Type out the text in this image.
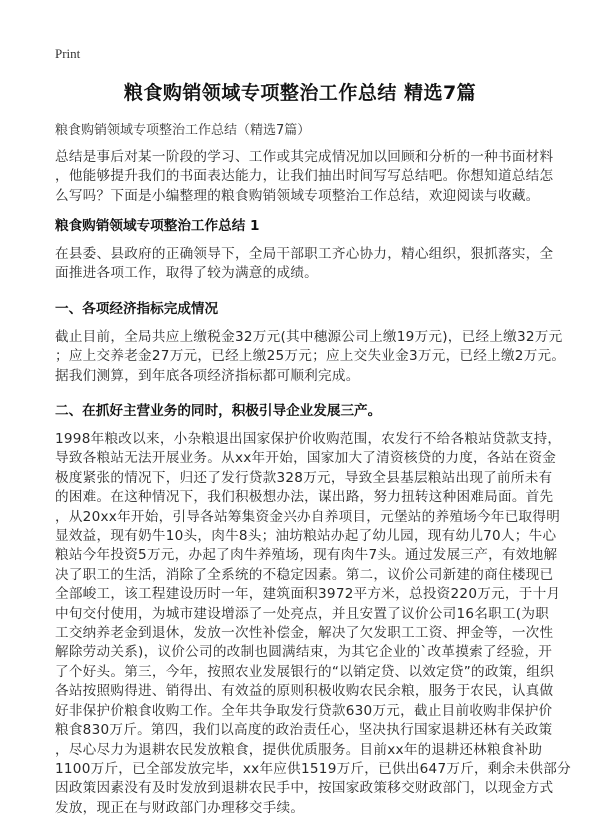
Print
粮食购销领域专项整治工作总结 精选7篇
粮食购销领域专项整治工作总结（精选7篇）
总结是事后对某一阶段的学习、工作或其完成情况加以回顾和分析的一种书面材料
，他能够提升我们的书面表达能力，让我们抽出时间写写总结吧。你想知道总结怎
么写吗？下面是小编整理的粮食购销领域专项整治工作总结，欢迎阅读与收藏。
粮食购销领域专项整治工作总结 1
在县委、县政府的正确领导下，全局干部职工齐心协力，精心组织，狠抓落实，全
面推进各项工作，取得了较为满意的成绩。
一、各项经济指标完成情况
截止目前，全局共应上缴税金32万元(其中穗源公司上缴19万元)，已经上缴32万元
；应上交养老金27万元，已经上缴25万元；应上交失业金3万元，已经上缴2万元。
据我们测算，到年底各项经济指标都可顺利完成。
二、在抓好主营业务的同时，积极引导企业发展三产。
1998年粮改以来，小杂粮退出国家保护价收购范围，农发行不给各粮站贷款支持，
导致各粮站无法开展业务。从xx年开始，国家加大了清资核贷的力度，各站在资金
极度紧张的情况下，归还了发行贷款328万元，导致全县基层粮站出现了前所未有
的困难。在这种情况下，我们积极想办法，谋出路，努力扭转这种困难局面。首先
，从20xx年开始，引导各站筹集资金兴办自养项目，元堡站的养殖场今年已取得明
显效益，现有奶牛10头，肉牛8头；油坊粮站办起了幼儿园，现有幼儿70人；牛心
粮站今年投资5万元，办起了肉牛养殖场，现有肉牛7头。通过发展三产，有效地解
决了职工的生活，消除了全系统的不稳定因素。第二，议价公司新建的商住楼现已
全部峻工，该工程建设历时一年，建筑面积3972平方米，总投资220万元，于十月
中旬交付使用，为城市建设增添了一处亮点，并且安置了议价公司16名职工(为职
工交纳养老金到退休，发放一次性补偿金，解决了欠发职工工资、押金等，一次性
解除劳动关系)，议价公司的改制也圆满结束，为其它企业的`改革摸索了经验，开
了个好头。第三，今年，按照农业发展银行的“以销定贷、以效定贷”的政策，组织
各站按照购得进、销得出、有效益的原则积极收购农民余粮，服务于农民，认真做
好非保护价粮食收购工作。全年共争取发行贷款630万元，截止目前收购非保护价
粮食830万斤。第四，我们以高度的政治责任心，坚决执行国家退耕还林有关政策
，尽心尽力为退耕农民发放粮食，提供优质服务。目前xx年的退耕还林粮食补助
1100万斤，已全部发放完毕，xx年应供1519万斤，已供出647万斤，剩余未供部分
因政策因素没有及时发放到退耕农民手中，按国家政策移交财政部门，以现金方式
发放，现正在与财政部门办理移交手续。
